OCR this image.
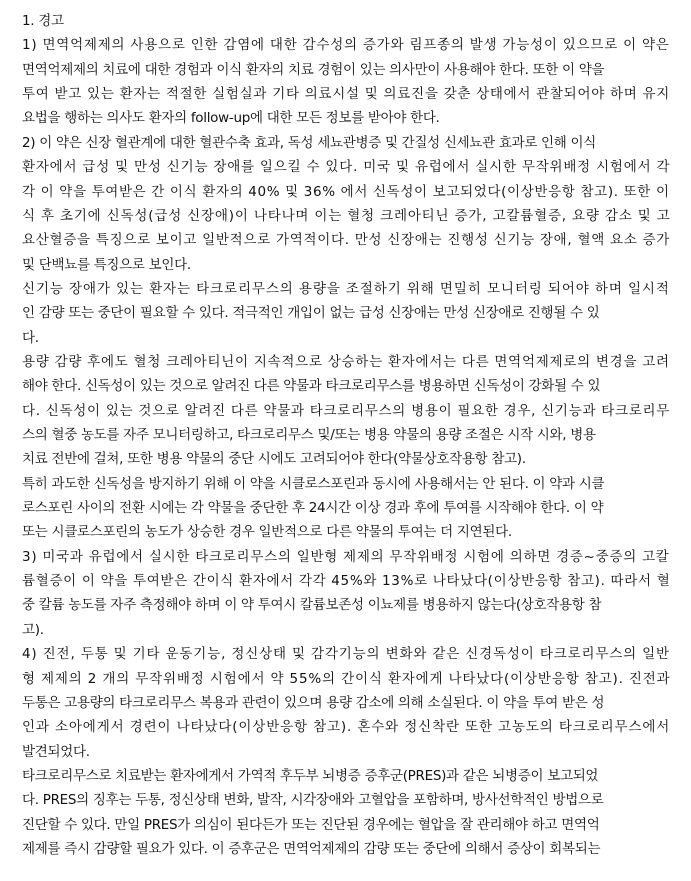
1. 경고

1) 면역억제제의 사용으로 인한 감염에 대한 감수성의 증가와 림프종의 발생 가능성이 있으므로 이 약은

면역억제제의 치료에 대한 경험과 이식 환자의 치료 경험이 있는 의사만이 사용해야 한다. 또한 이 약을

투여 받고 있는 환자는 적절한 실험실과 기타 의료시설 및 의료진을 갖춘 상태에서 관찰되어야 하며 유지

요법을 행하는 의사도 환자의 follow-up에 대한 모든 정보를 받아야 한다.

2) 이 약은 신장 혈관계에 대한 혈관수축 효과, 독성 세뇨관병증 및 간질성 신세뇨관 효과로 인해 이식

환자에서 급성 및 만성 신기능 장애를 일으킬 수 있다. 미국 및 유럽에서 실시한 무작위배정 시험에서 각

각 이 약을 투여받은 간 이식 환자의 40% 및 36% 에서 신독성이 보고되었다(이상반응항 참고). 또한 이

식 후 초기에 신독성(급성 신장애)이 나타나며 이는 혈청 크레아티닌 증가, 고칼륨혈증, 요량 감소 및 고

요산혈증을 특징으로 보이고 일반적으로 가역적이다. 만성 신장애는 진행성 신기능 장애, 혈액 요소 증가

및 단백뇨를 특징으로 보인다.

신기능 장애가 있는 환자는 타크로리무스의 용량을 조절하기 위해 면밀히 모니터링 되어야 하며 일시적

인 감량 또는 중단이 필요할 수 있다. 적극적인 개입이 없는 급성 신장애는 만성 신장애로 진행될 수 있

다.

용량 감량 후에도 혈청 크레아티닌이 지속적으로 상승하는 환자에서는 다른 면역억제제로의 변경을 고려

해야 한다. 신독성이 있는 것으로 알려진 다른 약물과 타크로리무스를 병용하면 신독성이 강화될 수 있

다. 신독성이 있는 것으로 알려진 다른 약물과 타크로리무스의 병용이 필요한 경우, 신기능과 타크로리무

스의 혈중 농도를 자주 모니터링하고, 타크로리무스 및/또는 병용 약물의 용량 조절은 시작 시와, 병용

치료 전반에 걸쳐, 또한 병용 약물의 중단 시에도 고려되어야 한다(약물상호작용항 참고).

특히 과도한 신독성을 방지하기 위해 이 약을 시클로스포린과 동시에 사용해서는 안 된다. 이 약과 시클

로스포린 사이의 전환 시에는 각 약물을 중단한 후 24시간 이상 경과 후에 투여를 시작해야 한다. 이 약

또는 시클로스포린의 농도가 상승한 경우 일반적으로 다른 약물의 투여는 더 지연된다.

3) 미국과 유럽에서 실시한 타크로리무스의 일반형 제제의 무작위배정 시험에 의하면 경증~중증의 고칼

륨혈증이 이 약을 투여받은 간이식 환자에서 각각 45%와 13%로 나타났다(이상반응항 참고). 따라서 혈

중 칼륨 농도를 자주 측정해야 하며 이 약 투여시 칼륨보존성 이뇨제를 병용하지 않는다(상호작용항 참

고).

4) 진전, 두통 및 기타 운동기능, 정신상태 및 감각기능의 변화와 같은 신경독성이 타크로리무스의 일반

형 제제의 2 개의 무작위배정 시험에서 약 55%의 간이식 환자에게 나타났다(이상반응항 참고). 진전과

두통은 고용량의 타크로리무스 복용과 관련이 있으며 용량 감소에 의해 소실된다. 이 약을 투여 받은 성

인과 소아에게서 경련이 나타났다(이상반응항 참고). 혼수와 정신착란 또한 고농도의 타크로리무스에서

발견되었다.

타크로리무스로 치료받는 환자에게서 가역적 후두부 뇌병증 증후군(PRES)과 같은 뇌병증이 보고되었

다. PRES의 징후는 두통, 정신상태 변화, 발작, 시각장애와 고혈압을 포함하며, 방사선학적인 방법으로

진단할 수 있다. 만일 PRES가 의심이 된다든가 또는 진단된 경우에는 혈압을 잘 관리해야 하고 면역억

제제를 즉시 감량할 필요가 있다. 이 증후군은 면역억제제의 감량 또는 중단에 의해서 증상이 회복되는
